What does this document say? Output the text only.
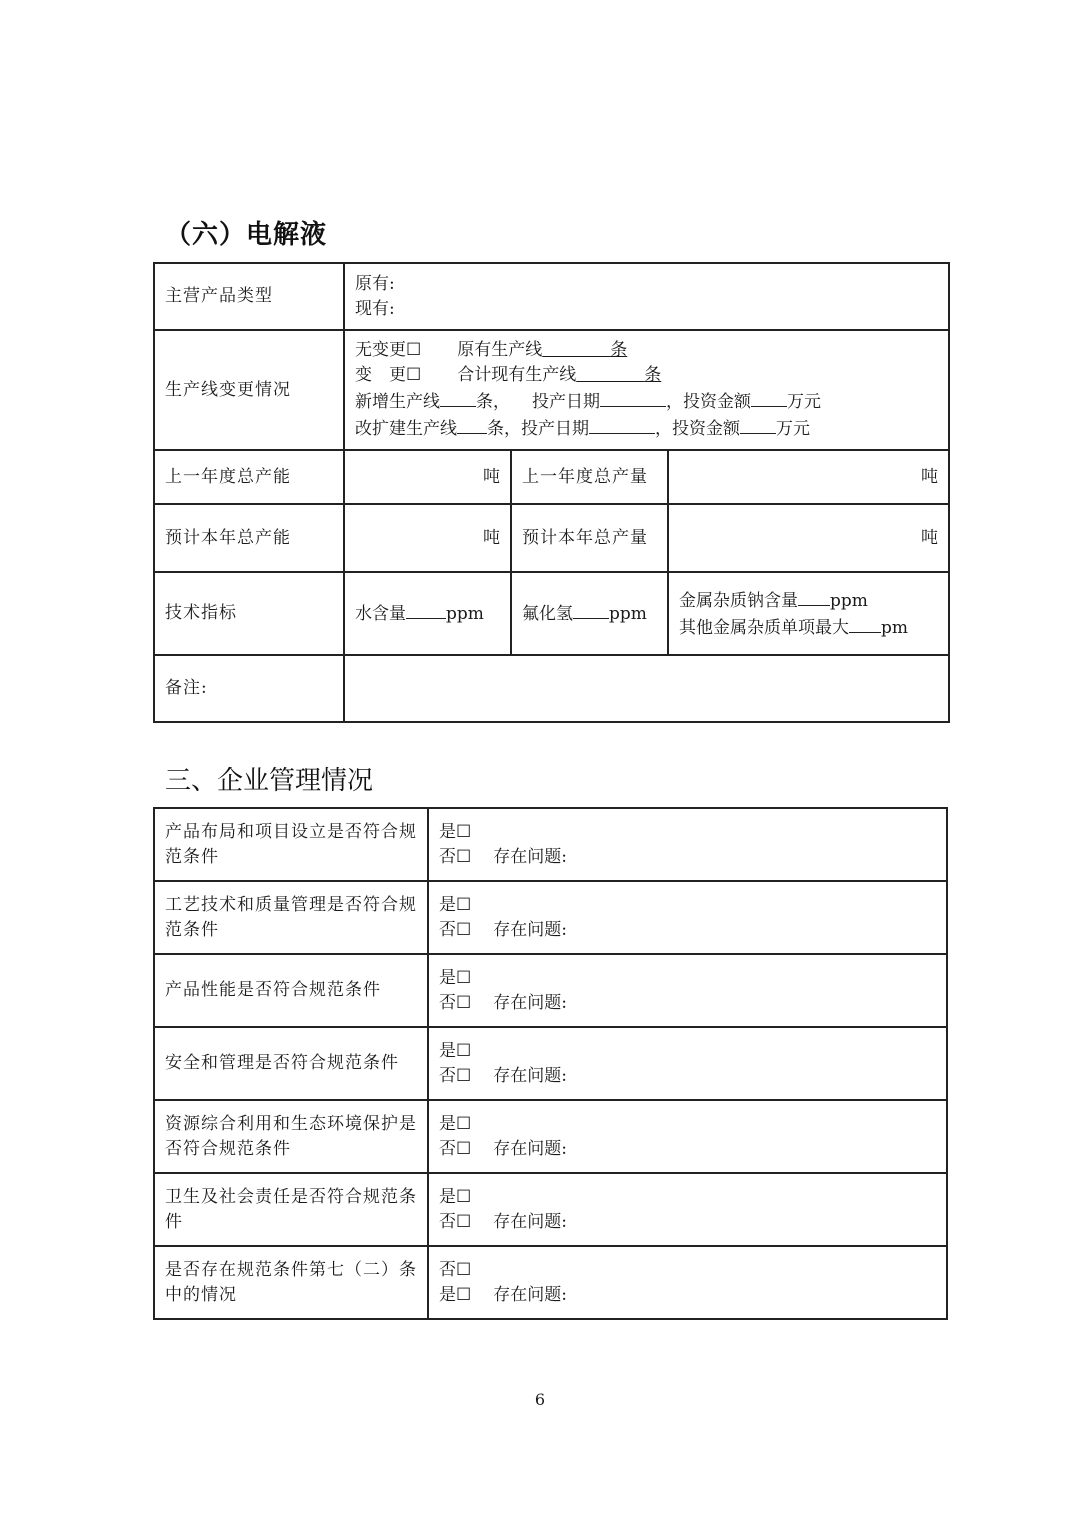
（六）电解液
主营产品类型	原有:
现有:		

生产线变更情况	无变更☐ 原有生产线　　　　 条
变　更☐ 合计现有生产线　　　　 条
新增生产线 条， 投产日期 ，投资金额 万元
改扩建生产线 条，投产日期 ，投资金额 万元		

上一年度总产能	吨	上一年度总产量	吨
预计本年总产能	吨	预计本年总产量	吨
技术指标	水含量 ppm	氟化氢 ppm	金属杂质钠含量 ppm
其他金属杂质单项最大 pm

备注:			
三、企业管理情况
产品布局和项目设立是否符合规范条件	是☐
否☐ 存在问题:

工艺技术和质量管理是否符合规范条件	是☐
否☐ 存在问题:

产品性能是否符合规范条件	是☐
否☐ 存在问题:

安全和管理是否符合规范条件	是☐
否☐ 存在问题:

资源综合利用和生态环境保护是否符合规范条件	是☐
否☐ 存在问题:

卫生及社会责任是否符合规范条件	是☐
否☐ 存在问题:

是否存在规范条件第七（二）条中的情况	否☐
是☐ 存在问题:
6
